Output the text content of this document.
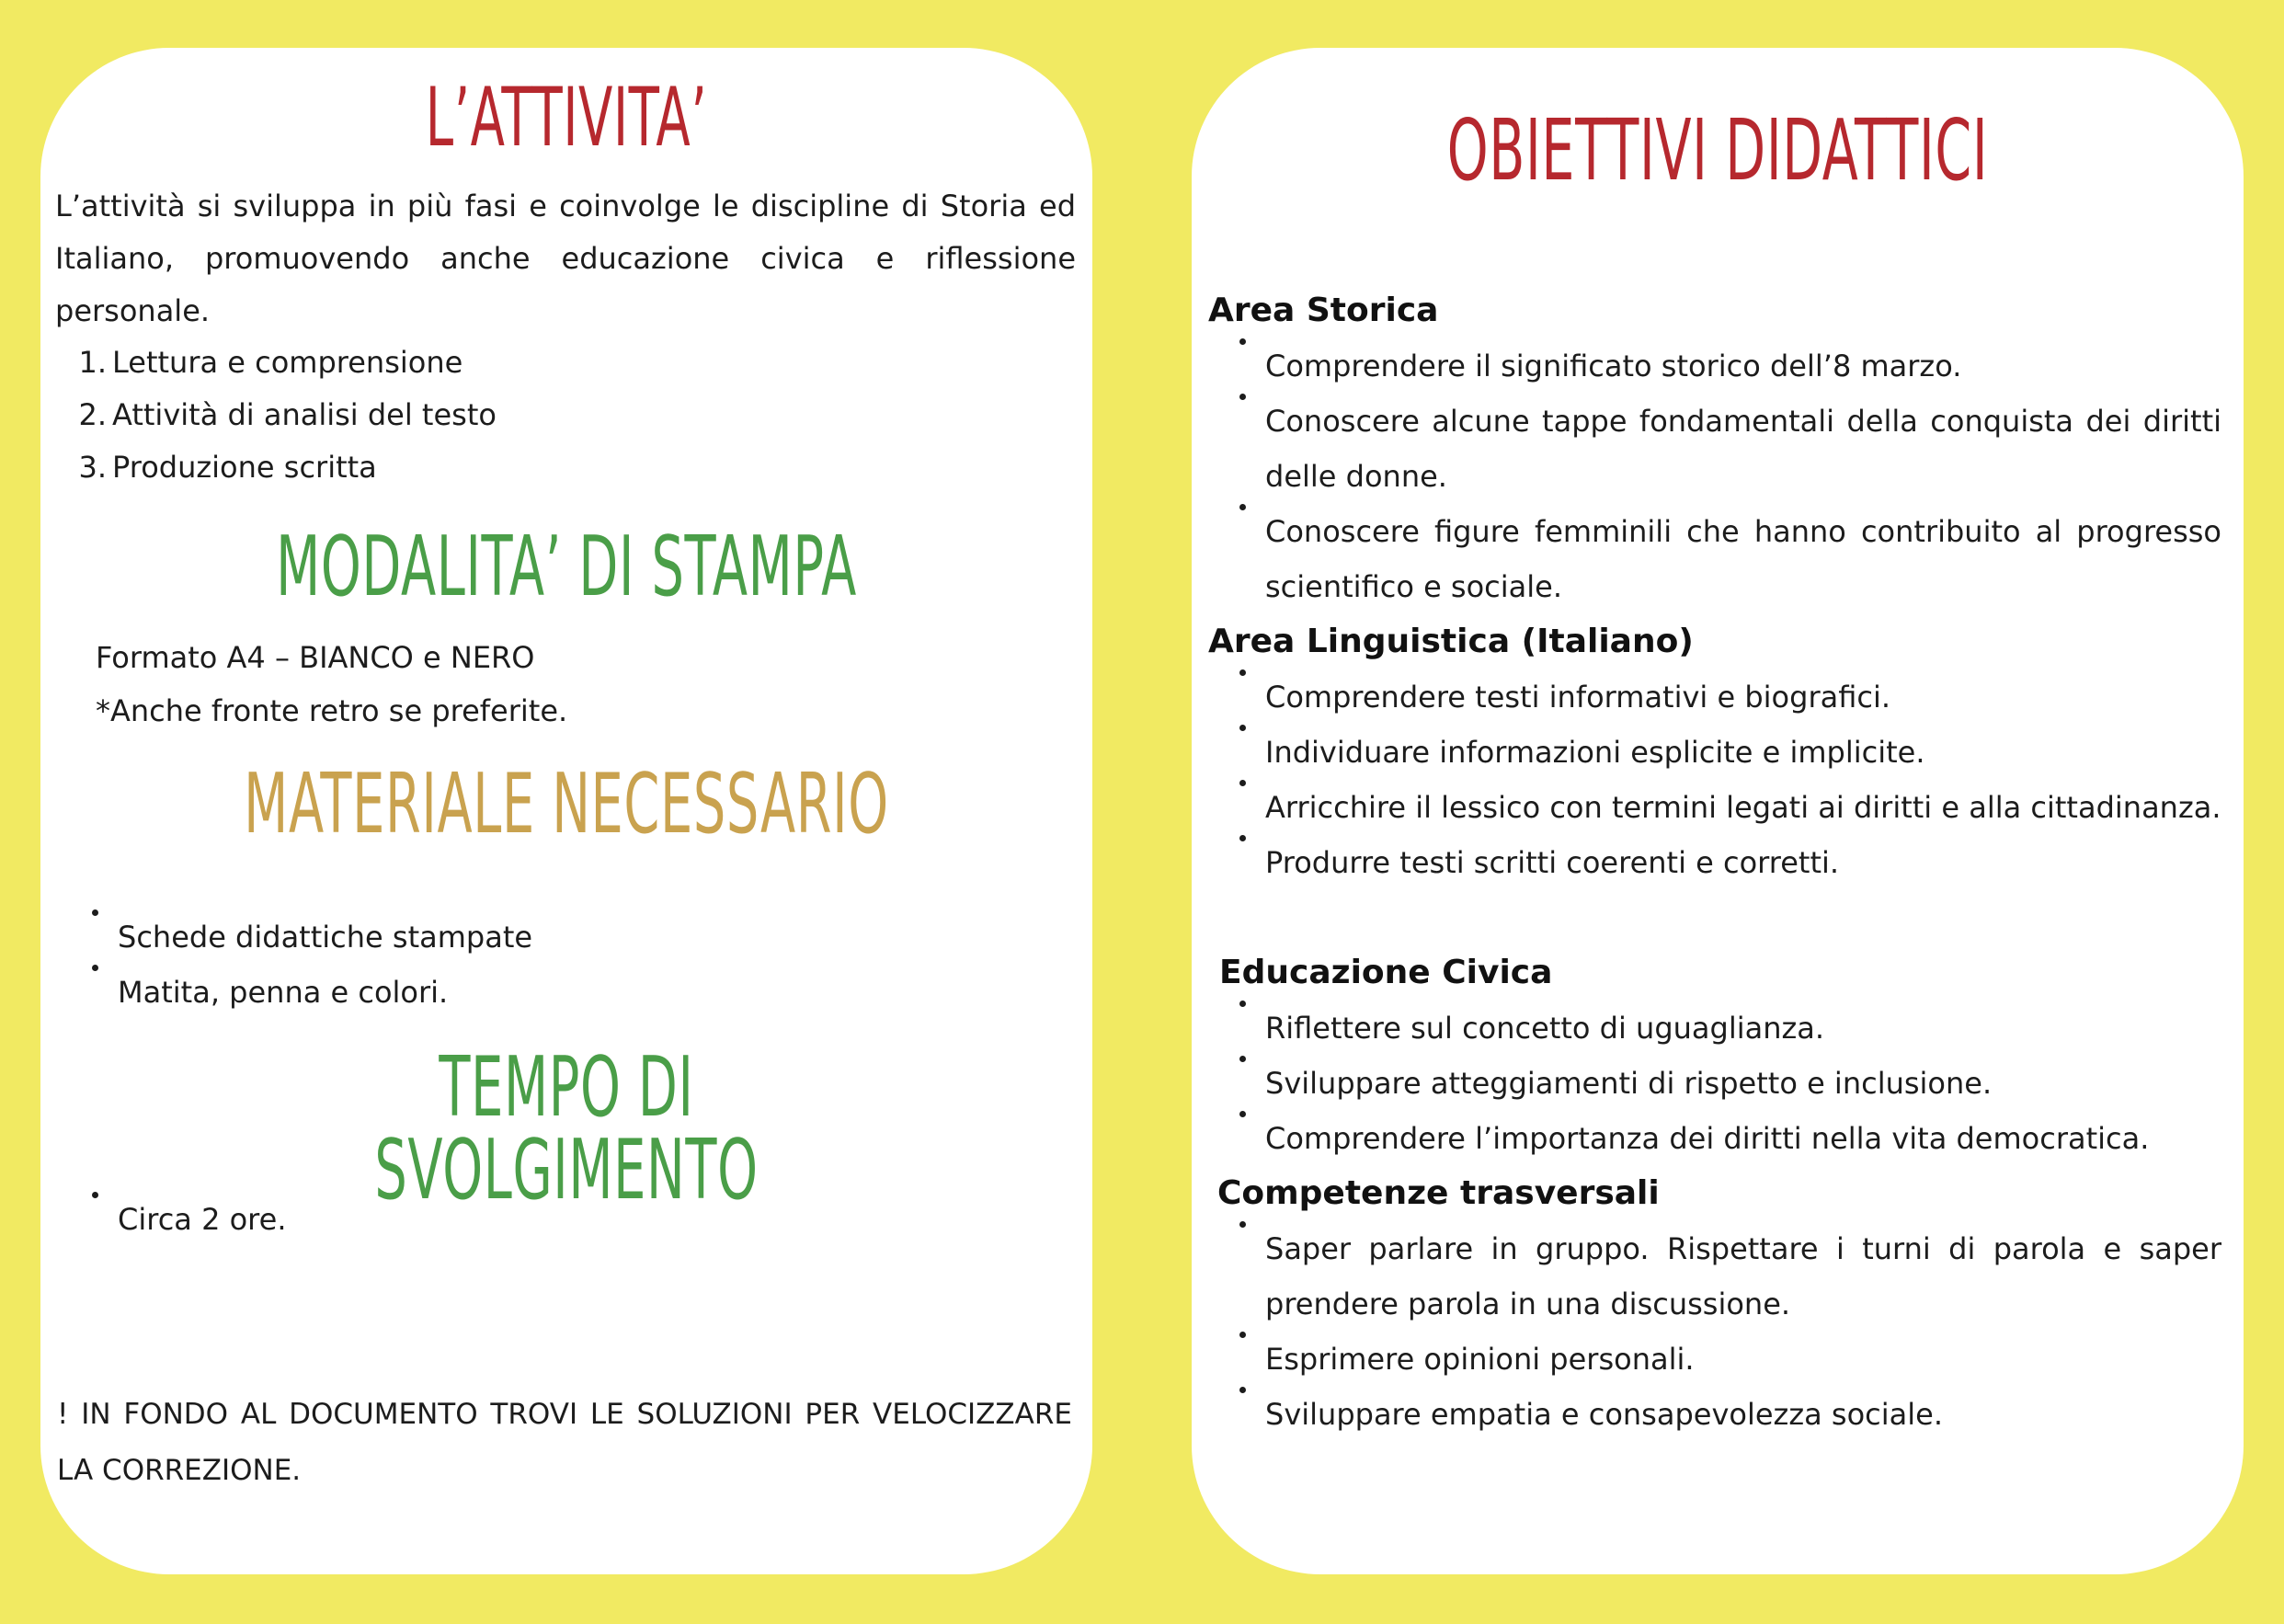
L’ATTIVITA’

L’attività si sviluppa in più fasi e coinvolge le discipline di Storia ed Italiano, promuovendo anche educazione civica e riflessione personale.

1. Lettura e comprensione
2. Attività di analisi del testo
3. Produzione scritta
MODALITA’ DI STAMPA

Formato A4 – BIANCO e NERO

*Anche fronte retro se preferite.

MATERIALE NECESSARIO
Schede didattiche stampate
Matita, penna e colori.
TEMPO DI SVOLGIMENTO
Circa 2 ore.

! IN FONDO AL DOCUMENTO TROVI LE SOLUZIONI PER VELOCIZZARE LA CORREZIONE.

OBIETTIVI DIDATTICI
Area Storica
Comprendere il significato storico dell’8 marzo.
Conoscere alcune tappe fondamentali della conquista dei diritti delle donne.
Conoscere figure femminili che hanno contribuito al progresso scientifico e sociale.
Area Linguistica (Italiano)
Comprendere testi informativi e biografici.
Individuare informazioni esplicite e implicite.
Arricchire il lessico con termini legati ai diritti e alla cittadinanza.
Produrre testi scritti coerenti e corretti.
Educazione Civica
Riflettere sul concetto di uguaglianza.
Sviluppare atteggiamenti di rispetto e inclusione.
Comprendere l’importanza dei diritti nella vita democratica.
Competenze trasversali
Saper parlare in gruppo. Rispettare i turni di parola e saper prendere parola in una discussione.
Esprimere opinioni personali.
Sviluppare empatia e consapevolezza sociale.
